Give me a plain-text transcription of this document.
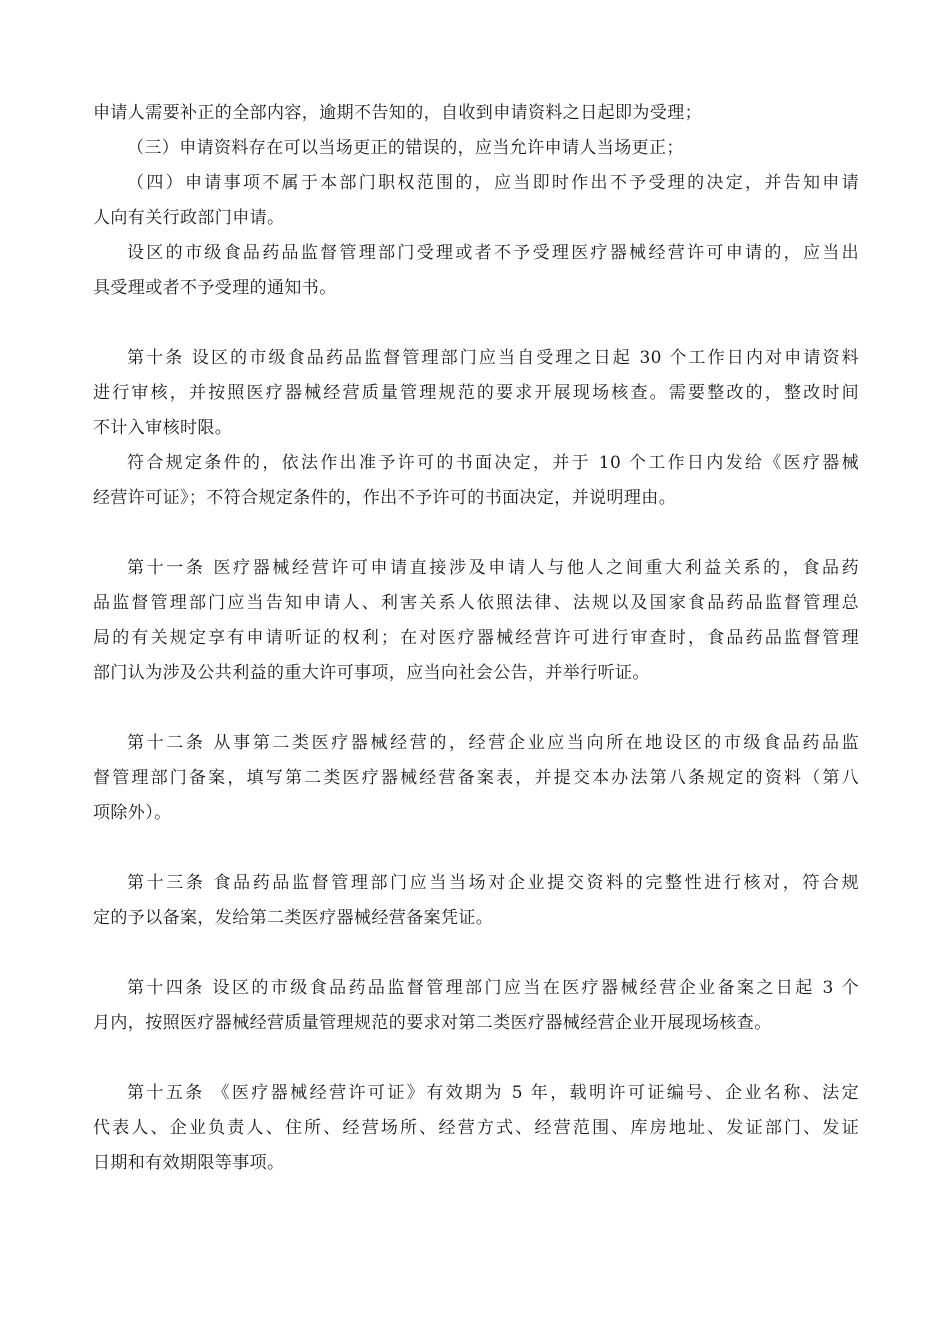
申请人需要补正的全部内容，逾期不告知的，自收到申请资料之日起即为受理；
（三）申请资料存在可以当场更正的错误的，应当允许申请人当场更正；
（四）申请事项不属于本部门职权范围的，应当即时作出不予受理的决定，并告知申请
人向有关行政部门申请。
设区的市级食品药品监督管理部门受理或者不予受理医疗器械经营许可申请的，应当出
具受理或者不予受理的通知书。
第十条 设区的市级食品药品监督管理部门应当自受理之日起 30 个工作日内对申请资料
进行审核，并按照医疗器械经营质量管理规范的要求开展现场核查。需要整改的，整改时间
不计入审核时限。
符合规定条件的，依法作出准予许可的书面决定，并于 10 个工作日内发给《医疗器械
经营许可证》；不符合规定条件的，作出不予许可的书面决定，并说明理由。
第十一条 医疗器械经营许可申请直接涉及申请人与他人之间重大利益关系的，食品药
品监督管理部门应当告知申请人、利害关系人依照法律、法规以及国家食品药品监督管理总
局的有关规定享有申请听证的权利；在对医疗器械经营许可进行审查时，食品药品监督管理
部门认为涉及公共利益的重大许可事项，应当向社会公告，并举行听证。
第十二条 从事第二类医疗器械经营的，经营企业应当向所在地设区的市级食品药品监
督管理部门备案，填写第二类医疗器械经营备案表，并提交本办法第八条规定的资料（第八
项除外）。
第十三条 食品药品监督管理部门应当当场对企业提交资料的完整性进行核对，符合规
定的予以备案，发给第二类医疗器械经营备案凭证。
第十四条 设区的市级食品药品监督管理部门应当在医疗器械经营企业备案之日起 3 个
月内，按照医疗器械经营质量管理规范的要求对第二类医疗器械经营企业开展现场核查。
第十五条 《医疗器械经营许可证》有效期为 5 年，载明许可证编号、企业名称、法定
代表人、企业负责人、住所、经营场所、经营方式、经营范围、库房地址、发证部门、发证
日期和有效期限等事项。
